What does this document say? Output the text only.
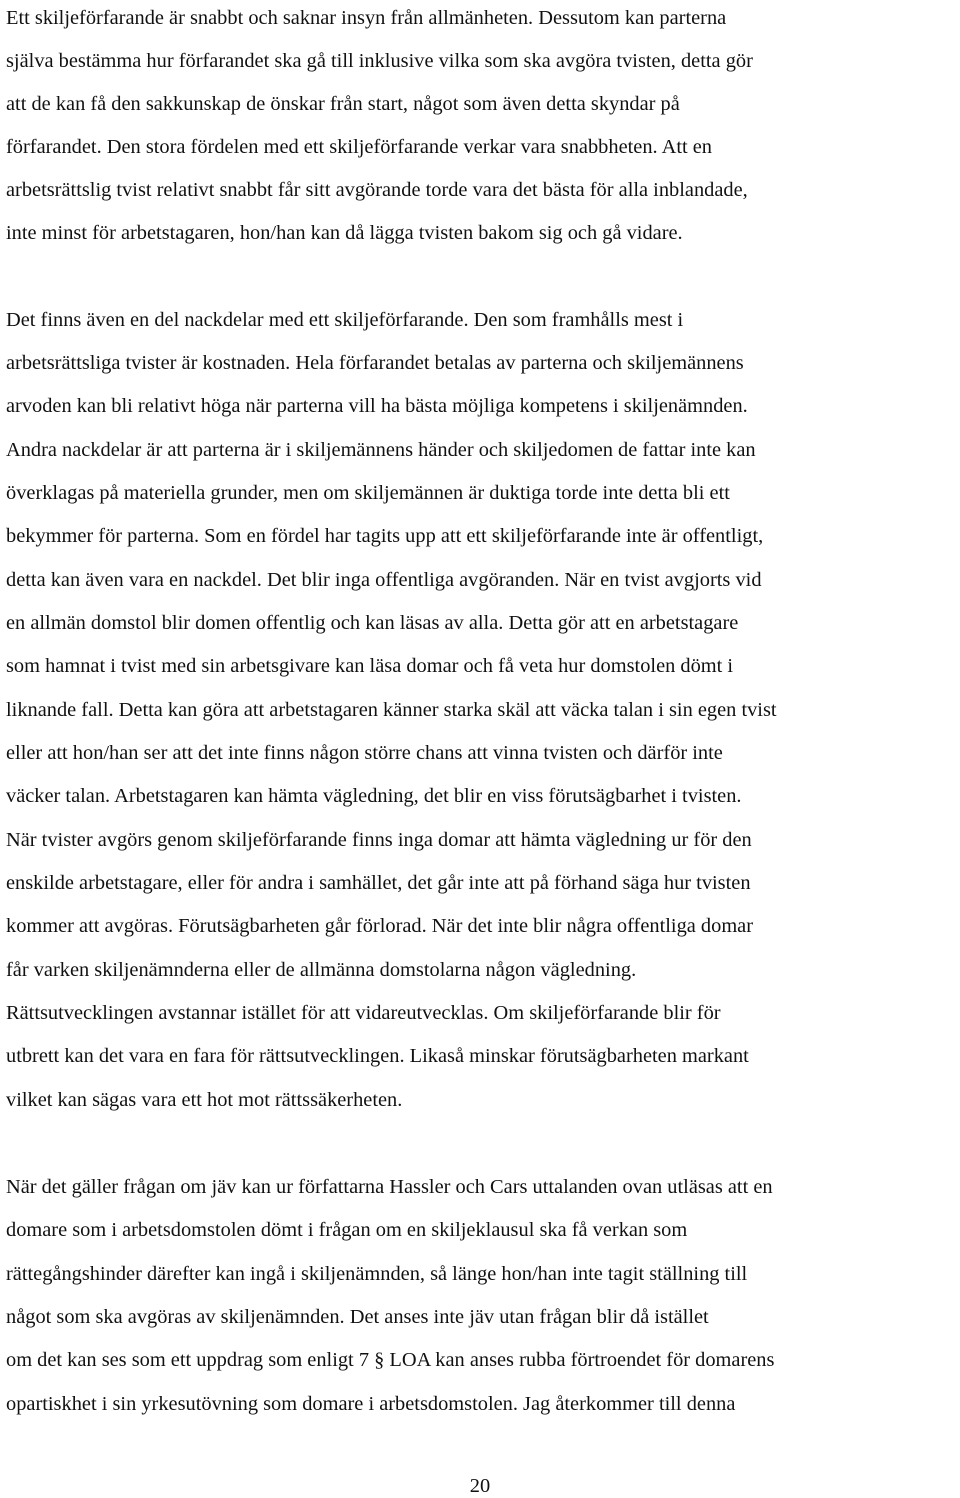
Ett skiljeförfarande är snabbt och saknar insyn från allmänheten. Dessutom kan parterna
själva bestämma hur förfarandet ska gå till inklusive vilka som ska avgöra tvisten, detta gör
att de kan få den sakkunskap de önskar från start, något som även detta skyndar på
förfarandet. Den stora fördelen med ett skiljeförfarande verkar vara snabbheten. Att en
arbetsrättslig tvist relativt snabbt får sitt avgörande torde vara det bästa för alla inblandade,
inte minst för arbetstagaren, hon/han kan då lägga tvisten bakom sig och gå vidare.
Det finns även en del nackdelar med ett skiljeförfarande. Den som framhålls mest i
arbetsrättsliga tvister är kostnaden. Hela förfarandet betalas av parterna och skiljemännens
arvoden kan bli relativt höga när parterna vill ha bästa möjliga kompetens i skiljenämnden.
Andra nackdelar är att parterna är i skiljemännens händer och skiljedomen de fattar inte kan
överklagas på materiella grunder, men om skiljemännen är duktiga torde inte detta bli ett
bekymmer för parterna. Som en fördel har tagits upp att ett skiljeförfarande inte är offentligt,
detta kan även vara en nackdel. Det blir inga offentliga avgöranden. När en tvist avgjorts vid
en allmän domstol blir domen offentlig och kan läsas av alla. Detta gör att en arbetstagare
som hamnat i tvist med sin arbetsgivare kan läsa domar och få veta hur domstolen dömt i
liknande fall. Detta kan göra att arbetstagaren känner starka skäl att väcka talan i sin egen tvist
eller att hon/han ser att det inte finns någon större chans att vinna tvisten och därför inte
väcker talan. Arbetstagaren kan hämta vägledning, det blir en viss förutsägbarhet i tvisten.
När tvister avgörs genom skiljeförfarande finns inga domar att hämta vägledning ur för den
enskilde arbetstagare, eller för andra i samhället, det går inte att på förhand säga hur tvisten
kommer att avgöras. Förutsägbarheten går förlorad. När det inte blir några offentliga domar
får varken skiljenämnderna eller de allmänna domstolarna någon vägledning.
Rättsutvecklingen avstannar istället för att vidareutvecklas. Om skiljeförfarande blir för
utbrett kan det vara en fara för rättsutvecklingen. Likaså minskar förutsägbarheten markant
vilket kan sägas vara ett hot mot rättssäkerheten.
När det gäller frågan om jäv kan ur författarna Hassler och Cars uttalanden ovan utläsas att en
domare som i arbetsdomstolen dömt i frågan om en skiljeklausul ska få verkan som
rättegångshinder därefter kan ingå i skiljenämnden, så länge hon/han inte tagit ställning till
något som ska avgöras av skiljenämnden. Det anses inte jäv utan frågan blir då istället
om det kan ses som ett uppdrag som enligt 7 § LOA kan anses rubba förtroendet för domarens
opartiskhet i sin yrkesutövning som domare i arbetsdomstolen. Jag återkommer till denna
20
